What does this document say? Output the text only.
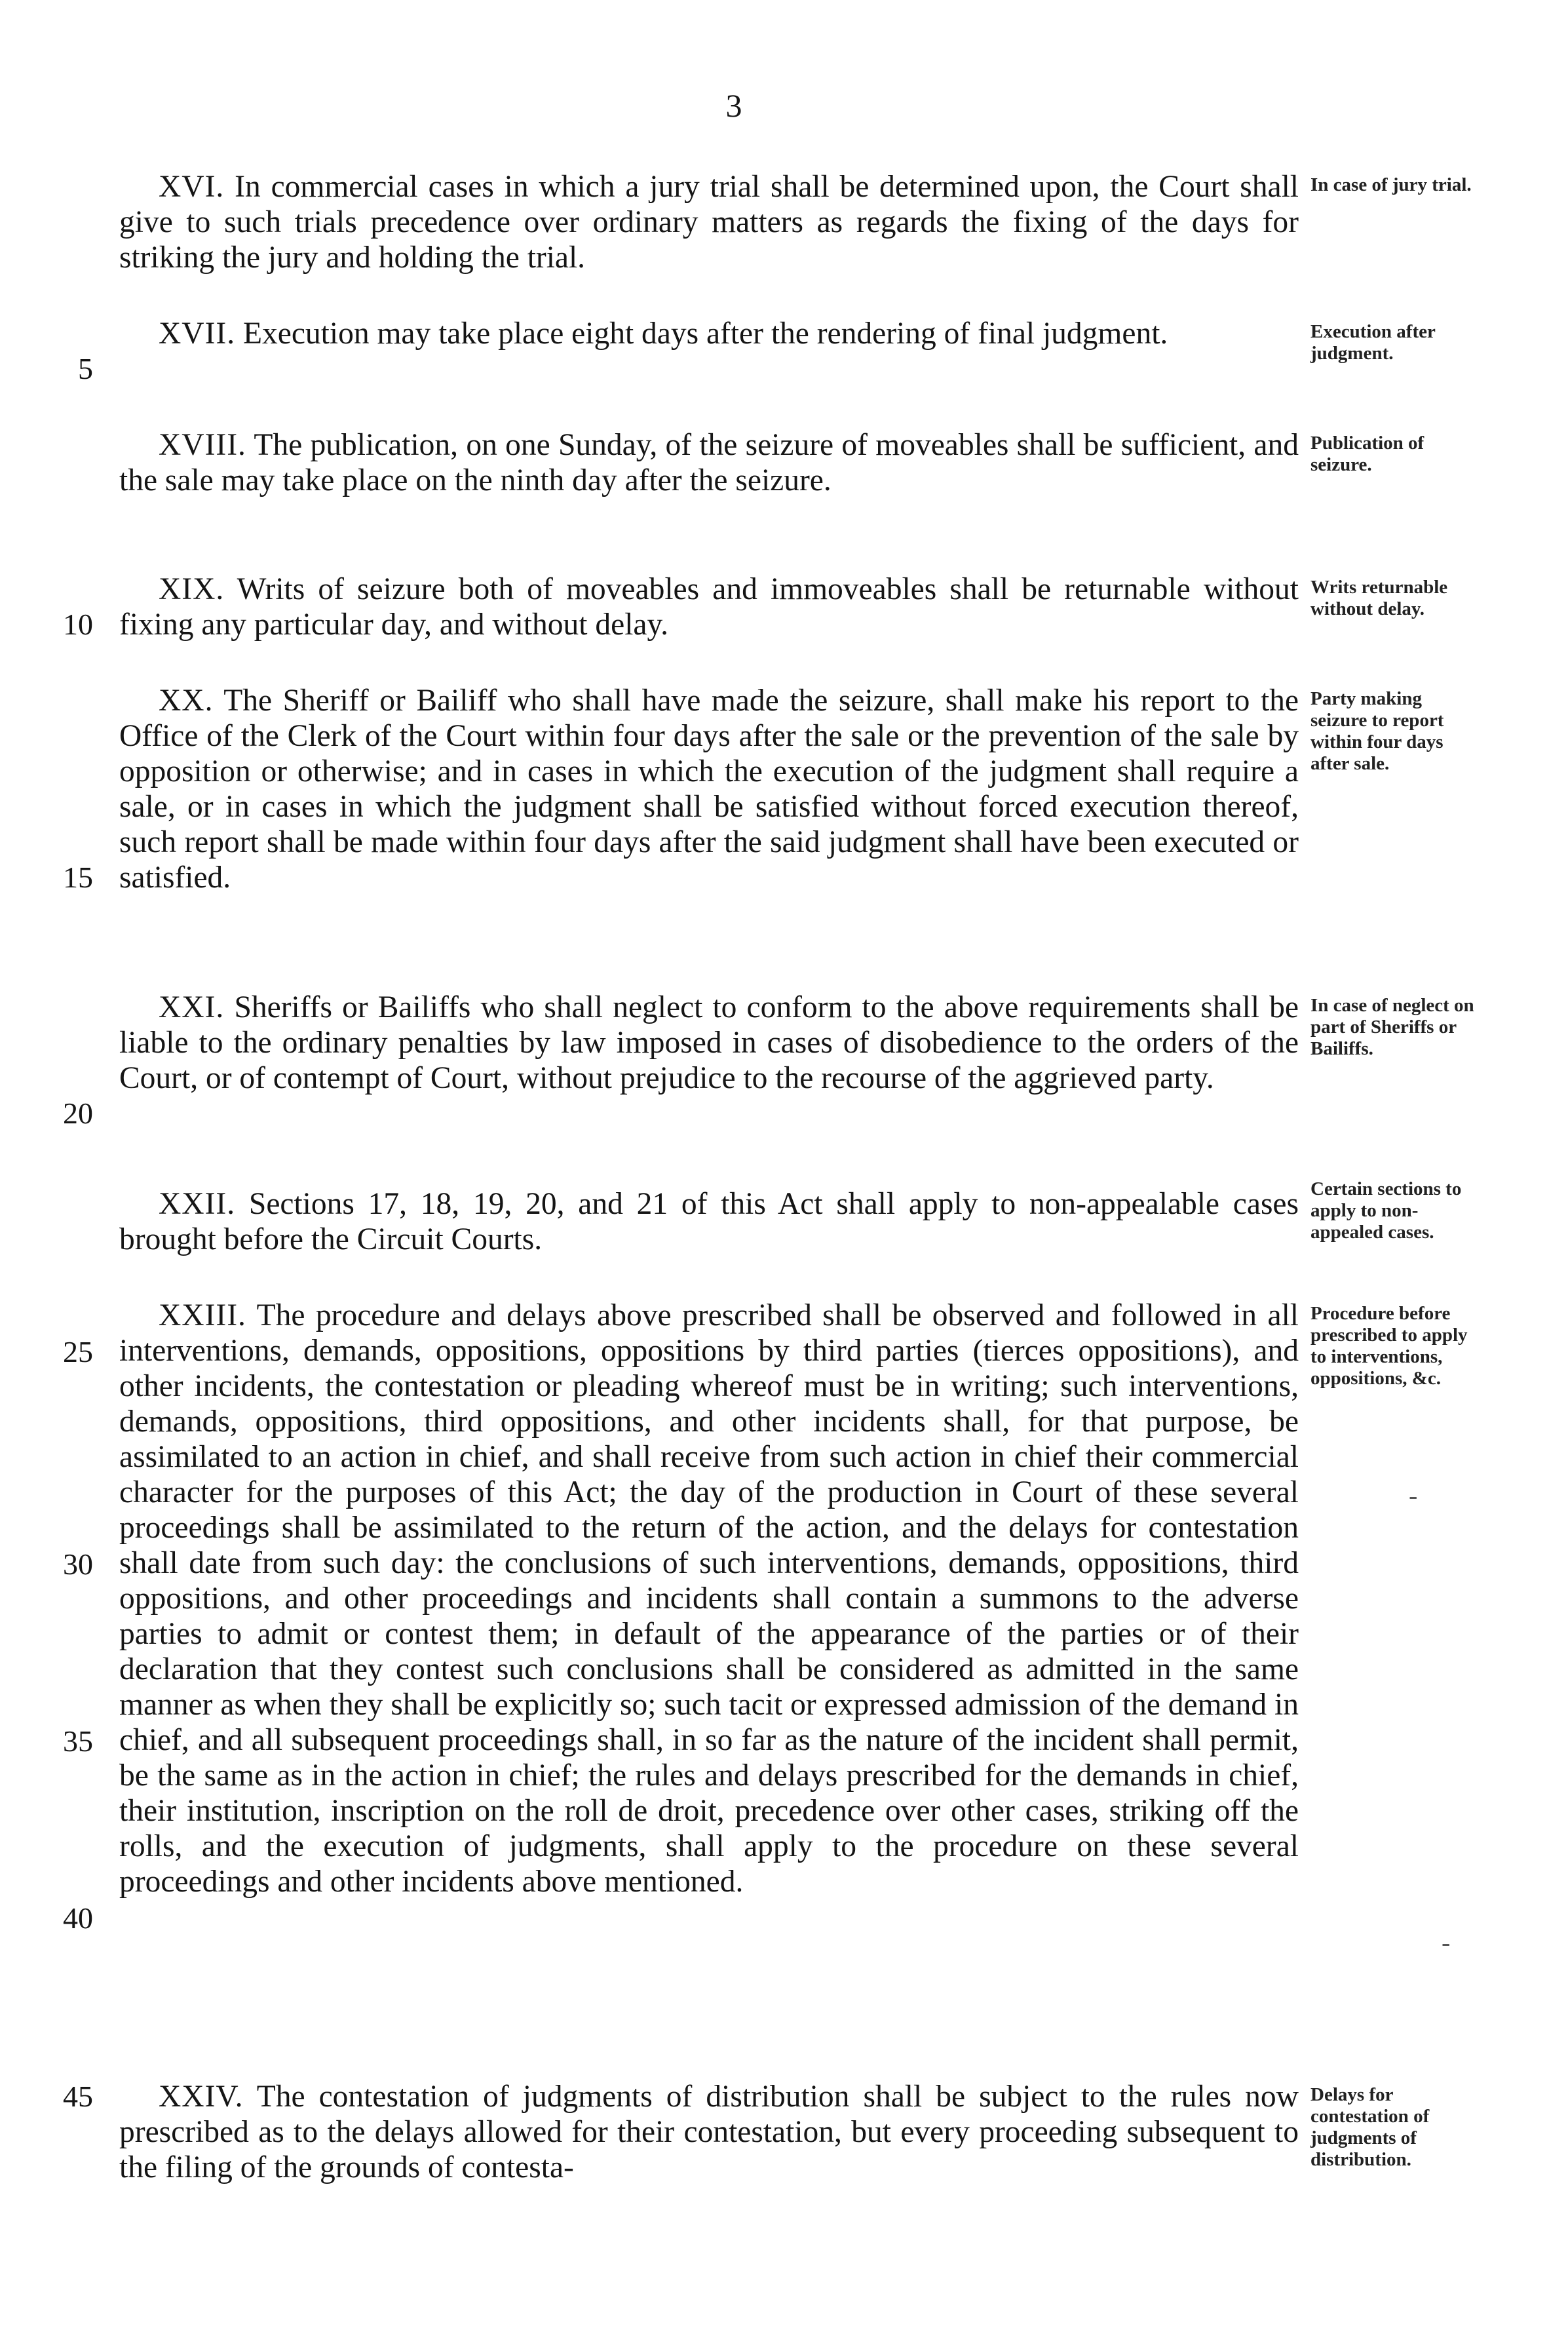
3
XVI. In commercial cases in which a jury trial shall be determined upon, the Court shall give to such trials precedence over ordinary matters as regards the fixing of the days for striking the jury and holding the trial.
In case of jury trial.
XVII. Execution may take place eight days after the rendering of final judgment.	Execution after judgment.
XVIII. The publication, on one Sunday, of the seizure of moveables shall be sufficient, and the sale may take place on the ninth day after the seizure.
Publication of seizure.
XIX. Writs of seizure both of moveables and immoveables shall be returnable without fixing any particular day, and without delay.
Writs returnable without delay.
XX. The Sheriff or Bailiff who shall have made the seizure, shall make his report to the Office of the Clerk of the Court within four days after the sale or the prevention of the sale by opposition or otherwise; and in cases in which the execution of the judgment shall require a sale, or in cases in which the judgment shall be satisfied without forced execution thereof, such report shall be made within four days after the said judgment shall have been executed or satisfied.
Party making seizure to report within four days after sale.
XXI. Sheriffs or Bailiffs who shall neglect to conform to the above requirements shall be liable to the ordinary penalties by law imposed in cases of disobedience to the orders of the Court, or of contempt of Court, without prejudice to the recourse of the aggrieved party.
In case of neglect on part of Sheriffs or Bailiffs.
XXII. Sections 17, 18, 19, 20, and 21 of this Act shall apply to non-appealable cases brought before the Circuit Courts.
Certain sections to apply to non-appealed cases.
XXIII. The procedure and delays above prescribed shall be observed and followed in all interventions, demands, oppositions, oppositions by third parties (tierces oppositions), and other incidents, the contestation or pleading whereof must be in writing; such interventions, demands, oppositions, third oppositions, and other incidents shall, for that purpose, be assimilated to an action in chief, and shall receive from such action in chief their commercial character for the purposes of this Act; the day of the production in Court of these several proceedings shall be assimilated to the return of the action, and the delays for contestation shall date from such day: the conclusions of such interventions, demands, oppositions, third oppositions, and other proceedings and incidents shall contain a summons to the adverse parties to admit or contest them; in default of the appearance of the parties or of their declaration that they contest such conclusions shall be considered as admitted in the same manner as when they shall be explicitly so; such tacit or expressed admission of the demand in chief, and all subsequent proceedings shall, in so far as the nature of the incident shall permit, be the same as in the action in chief; the rules and delays prescribed for the demands in chief, their institution, inscription on the roll de droit, precedence over other cases, striking off the rolls, and the execution of judgments, shall apply to the procedure on these several proceedings and other incidents above mentioned.
Procedure before prescribed to apply to interventions, oppositions, &c.
XXIV. The contestation of judgments of distribution shall be subject to the rules now prescribed as to the delays allowed for their contestation, but every proceeding subsequent to the filing of the grounds of contesta-
Delays for contestation of judgments of distribution.
5
10
15
20
25
30
35
40
45
-
-
